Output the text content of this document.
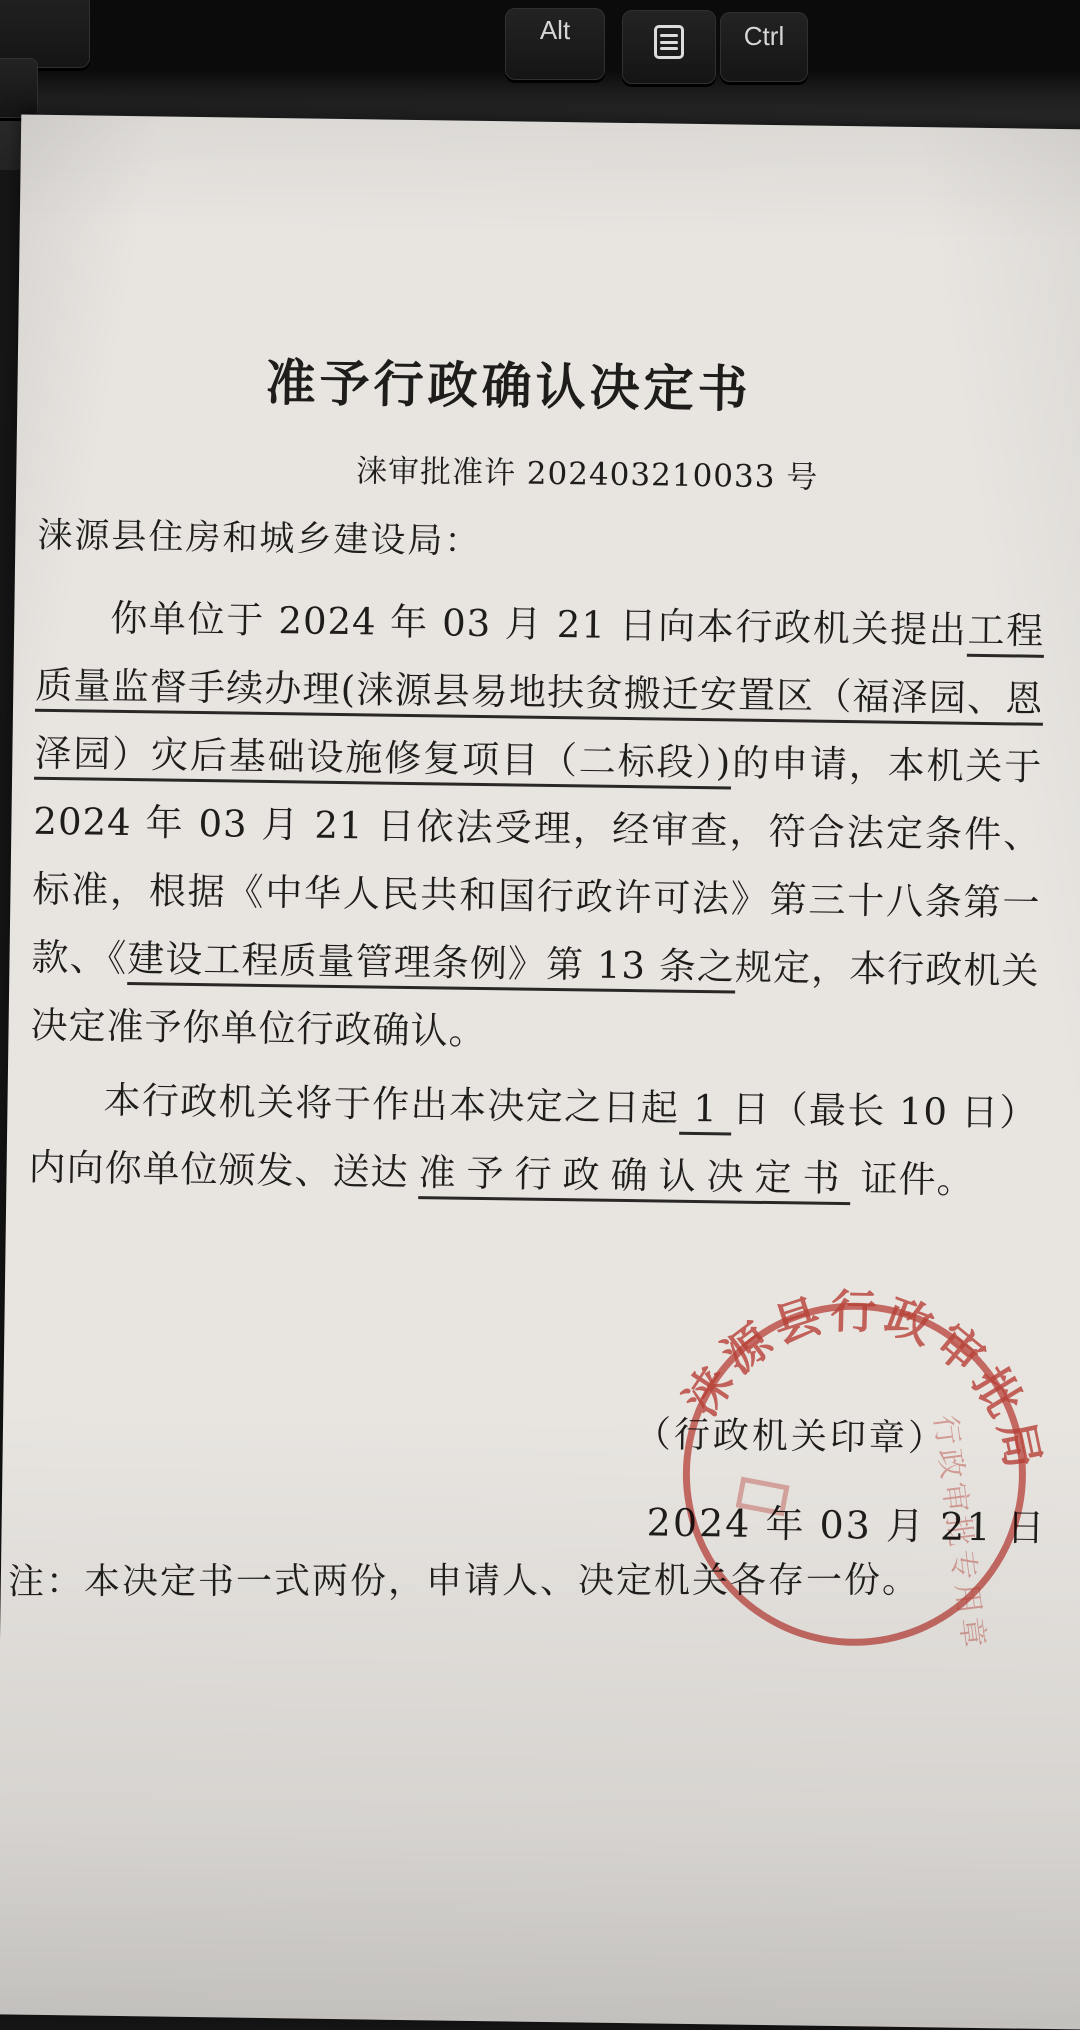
Alt	Ctrl
准予行政确认决定书
涞审批准许 202403210033 号
涞源县住房和城乡建设局：

你单位于 2024 年 03 月 21 日向本行政机关提出工程质量监督手续办理(涞源县易地扶贫搬迁安置区（福泽园、恩泽园）灾后基础设施修复项目（二标段）)的申请，本机关于 2024 年 03 月 21 日依法受理，经审查，符合法定条件、标准，根据《中华人民共和国行政许可法》第三十八条第一款、《建设工程质量管理条例》第 13 条之规定，本行政机关决定准予你单位行政确认。

本行政机关将于作出本决定之日起 1 日（最长 10 日）内向你单位颁发、送达 准予行政确认决定书 证件。

（行政机关印章）
2024 年 03 月 21 日
注：本决定书一式两份，申请人、决定机关各存一份。
涞源县行政审批局
行政审批专用章
